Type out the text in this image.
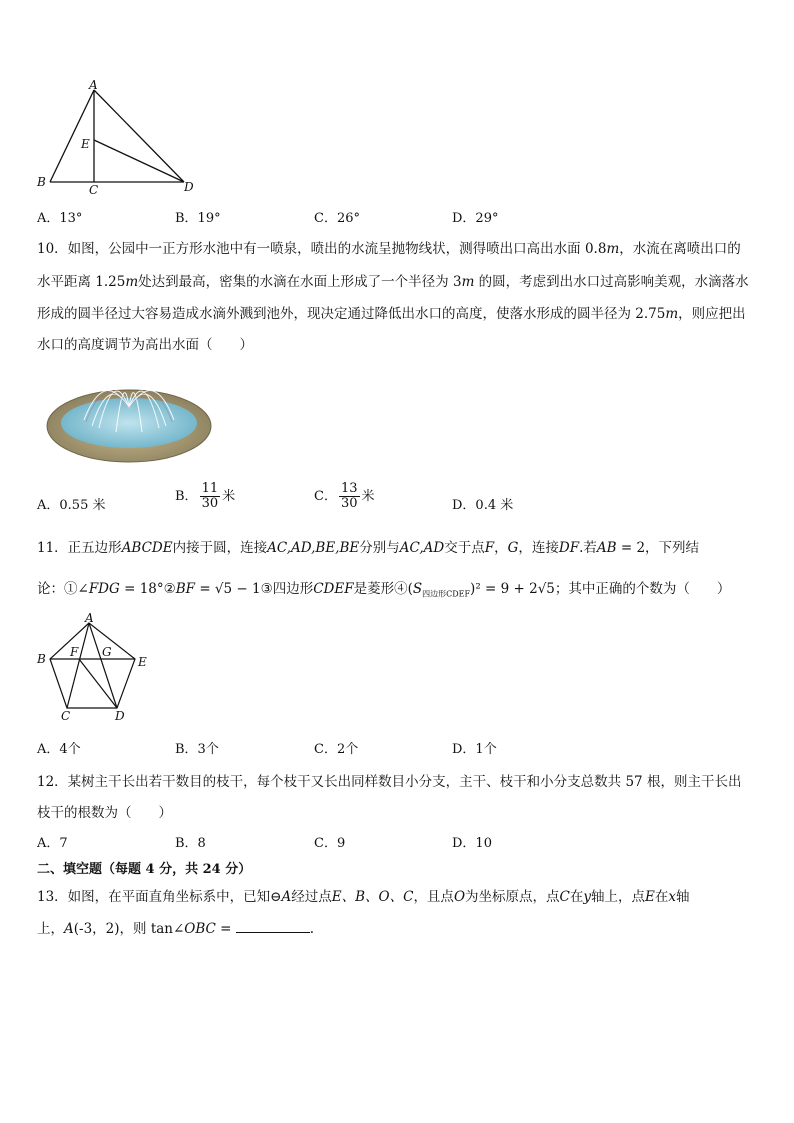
A
E
B
C	D
A．13°	B．19°	C．26°	D．29°
10．如图，公园中一正方形水池中有一喷泉，喷出的水流呈抛物线状，测得喷出口高出水面 0.8m，水流在离喷出口的
水平距离 1.25m处达到最高，密集的水滴在水面上形成了一个半径为 3m 的圆，考虑到出水口过高影响美观，水滴落水
形成的圆半径过大容易造成水滴外溅到池外，现决定通过降低出水口的高度，使落水形成的圆半径为 2.75m，则应把出
水口的高度调节为高出水面（　　）
A．0.55 米
B． $\frac{11}{30}$ 米	C． $\frac{13}{30}$ 米
D．0.4 米
11．正五边形ABCDE内接于圆，连接AC,AD,BE,BE分别与AC,AD交于点F，G，连接DF.若AB = 2，下列结
论：①∠FDG = 18°②BF = √5 − 1③四边形CDEF是菱形$④(S_{四边形CDEF})^2 = 9 + 2√5$；其中正确的个数为（　　）
A
B F G
E
C	D
A．4个	B．3个	C．2个	D．1个
12．某树主干长出若干数目的枝干，每个枝干又长出同样数目小分支，主干、枝干和小分支总数共 57 根，则主干长出
枝干的根数为（　　）
A．7	B．8	C．9	D．10
二、填空题（每题 4 分，共 24 分）
13．如图，在平面直角坐标系中，已知⊖A经过点E、B、O、C，且点O为坐标原点，点C在y轴上，点E在x轴
上，A(-3，2)，则 tan∠OBC =	.
